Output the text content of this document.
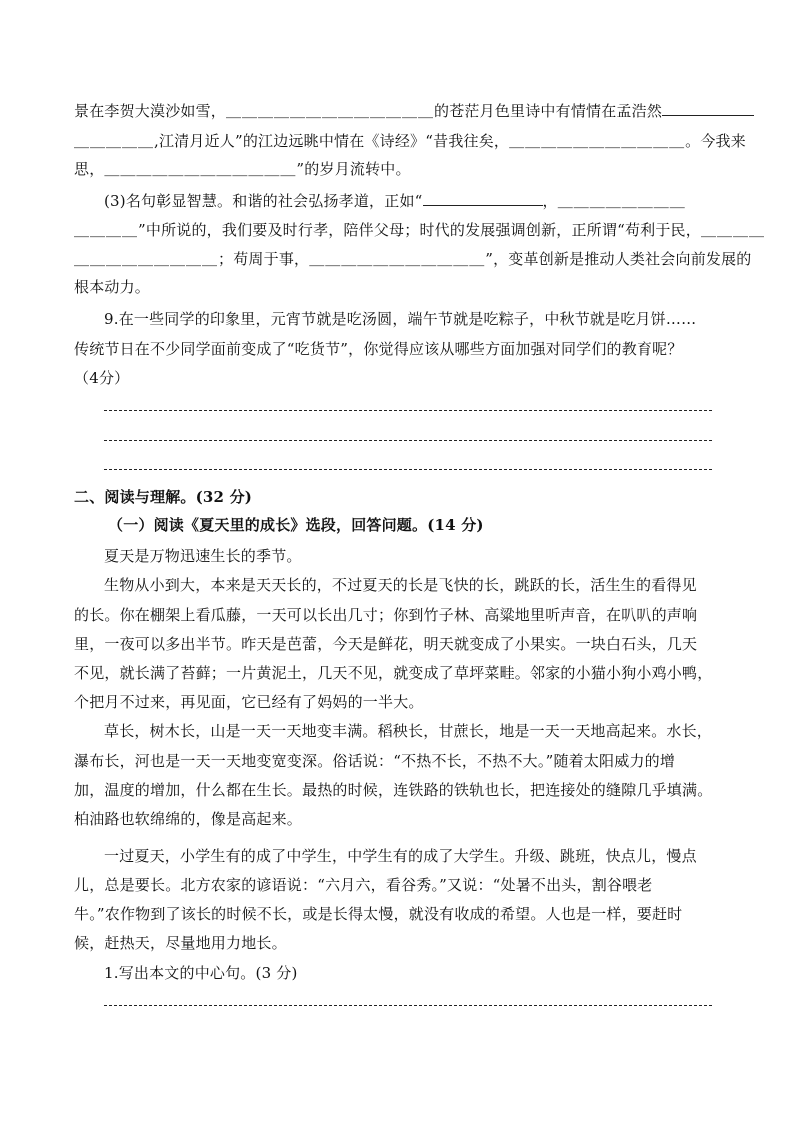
景在李贺大漠沙如雪，＿＿＿＿＿＿＿＿＿＿＿＿＿的苍茫月色里诗中有情情在孟浩然
＿＿＿＿＿,江清月近人”的江边远眺中情在《诗经》“昔我往矣，＿＿＿＿＿＿＿＿＿＿＿。今我来
思，＿＿＿＿＿＿＿＿＿＿＿＿”的岁月流转中。
(3)名句彰显智慧。和谐的社会弘扬孝道，正如“	，＿＿＿＿＿＿＿＿
＿＿＿＿”中所说的，我们要及时行孝，陪伴父母；时代的发展强调创新，正所谓“苟利于民，＿＿＿＿
＿＿＿＿＿＿＿＿＿；苟周于事，＿＿＿＿＿＿＿＿＿＿＿”，变革创新是推动人类社会向前发展的
根本动力。
9.在一些同学的印象里，元宵节就是吃汤圆，端午节就是吃粽子，中秋节就是吃月饼……
传统节日在不少同学面前变成了“吃货节”，你觉得应该从哪些方面加强对同学们的教育呢？
（4分）
二、阅读与理解。(32 分)
（一）阅读《夏天里的成长》选段，回答问题。(14 分)
夏天是万物迅速生长的季节。
生物从小到大，本来是天天长的，不过夏天的长是飞快的长，跳跃的长，活生生的看得见
的长。你在棚架上看瓜藤，一天可以长出几寸；你到竹子林、高粱地里听声音，在叭叭的声响
里，一夜可以多出半节。昨天是芭蕾，今天是鲜花，明天就变成了小果实。一块白石头，几天
不见，就长满了苔藓；一片黄泥土，几天不见，就变成了草坪菜畦。邻家的小猫小狗小鸡小鸭，
个把月不过来，再见面，它已经有了妈妈的一半大。
草长，树木长，山是一天一天地变丰满。稻秧长，甘蔗长，地是一天一天地高起来。水长，
瀑布长，河也是一天一天地变宽变深。俗话说：“不热不长，不热不大。”随着太阳威力的增
加，温度的增加，什么都在生长。最热的时候，连铁路的铁轨也长，把连接处的缝隙几乎填满。
柏油路也软绵绵的，像是高起来。
一过夏天，小学生有的成了中学生，中学生有的成了大学生。升级、跳班，快点儿，慢点
儿，总是要长。北方农家的谚语说：“六月六，看谷秀。”又说：“处暑不出头，割谷喂老
牛。”农作物到了该长的时候不长，或是长得太慢，就没有收成的希望。人也是一样，要赶时
候，赶热天，尽量地用力地长。
1.写出本文的中心句。(3 分)
